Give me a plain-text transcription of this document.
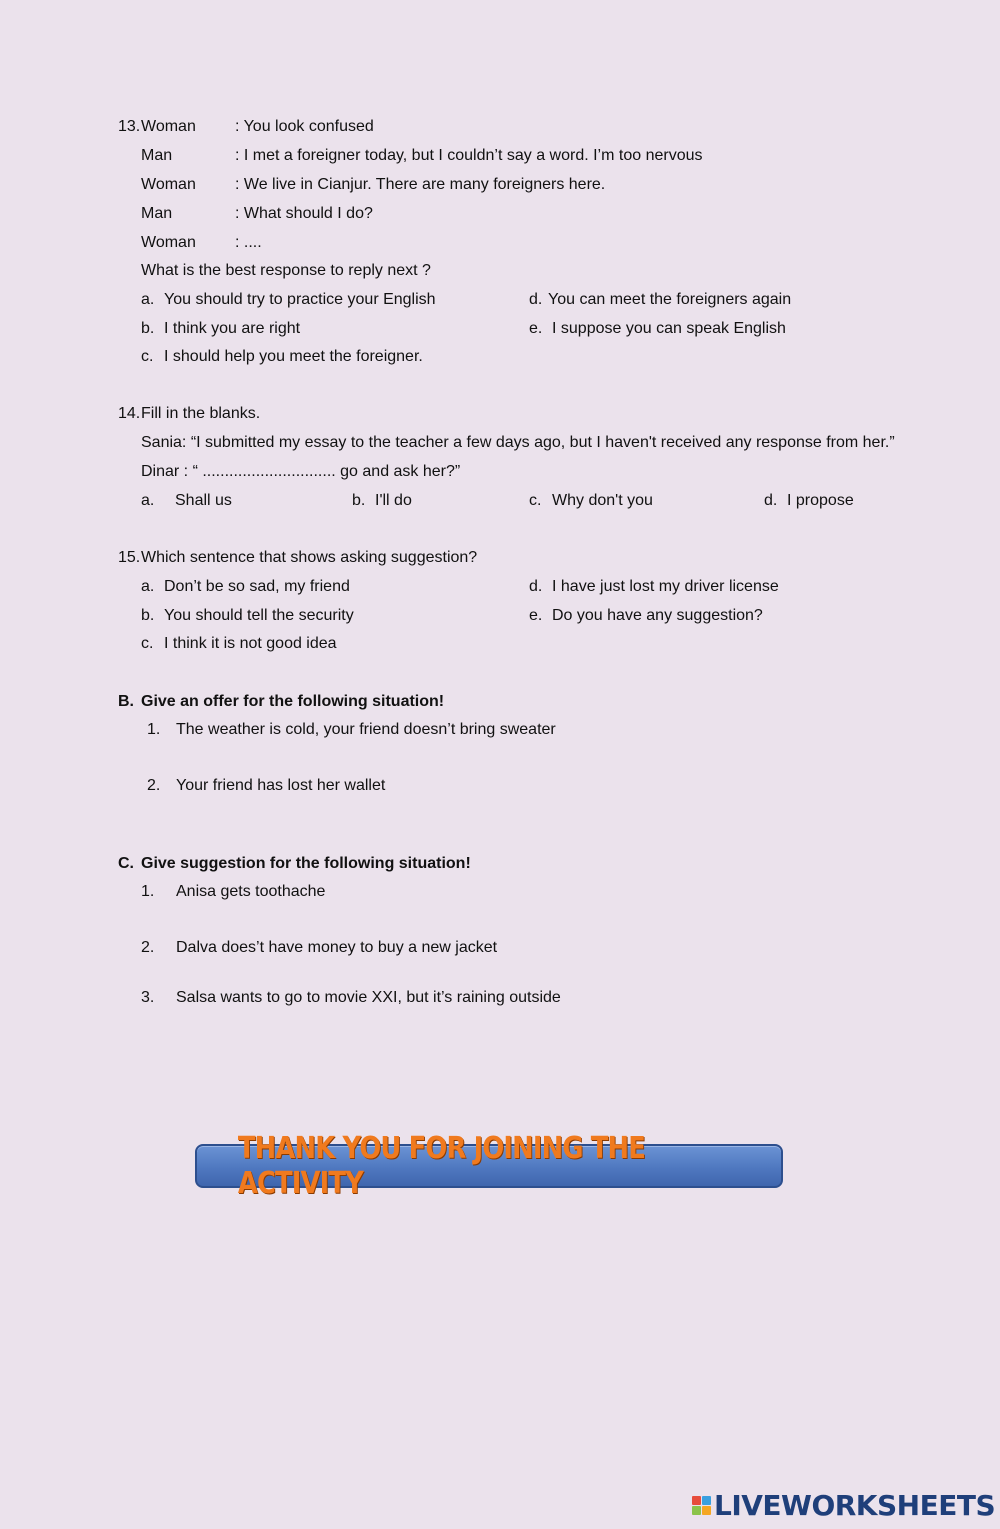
13. Woman : You look confused
Man	: I met a foreigner today, but I couldn’t say a word. I’m too nervous
Woman : We live in Cianjur. There are many foreigners here.
Man	: What should I do?
Woman : ....
What is the best response to reply next ?
a. You should try to practice your English
b. I think you are right
c. I should help you meet the foreigner.
d. You can meet the foreigners again
e. I suppose you can speak English
14. Fill in the blanks.
Sania: “I submitted my essay to the teacher a few days ago, but I haven't received any response from her.”
Dinar : “ .............................. go and ask her?”
a. Shall us	b. I'll do	c. Why don't you	d. I propose
15. Which sentence that shows asking suggestion?
a. Don’t be so sad, my friend
b. You should tell the security
c. I think it is not good idea
d. I have just lost my driver license
e. Do you have any suggestion?
B. Give an offer for the following situation!
1. The weather is cold, your friend doesn’t bring sweater
2. Your friend has lost her wallet
C. Give suggestion for the following situation!
1. Anisa gets toothache
2. Dalva does’t have money to buy a new jacket
3. Salsa wants to go to movie XXI, but it’s raining outside
THANK YOU FOR JOINING THE ACTIVITY
LIVEWORKSHEETS
